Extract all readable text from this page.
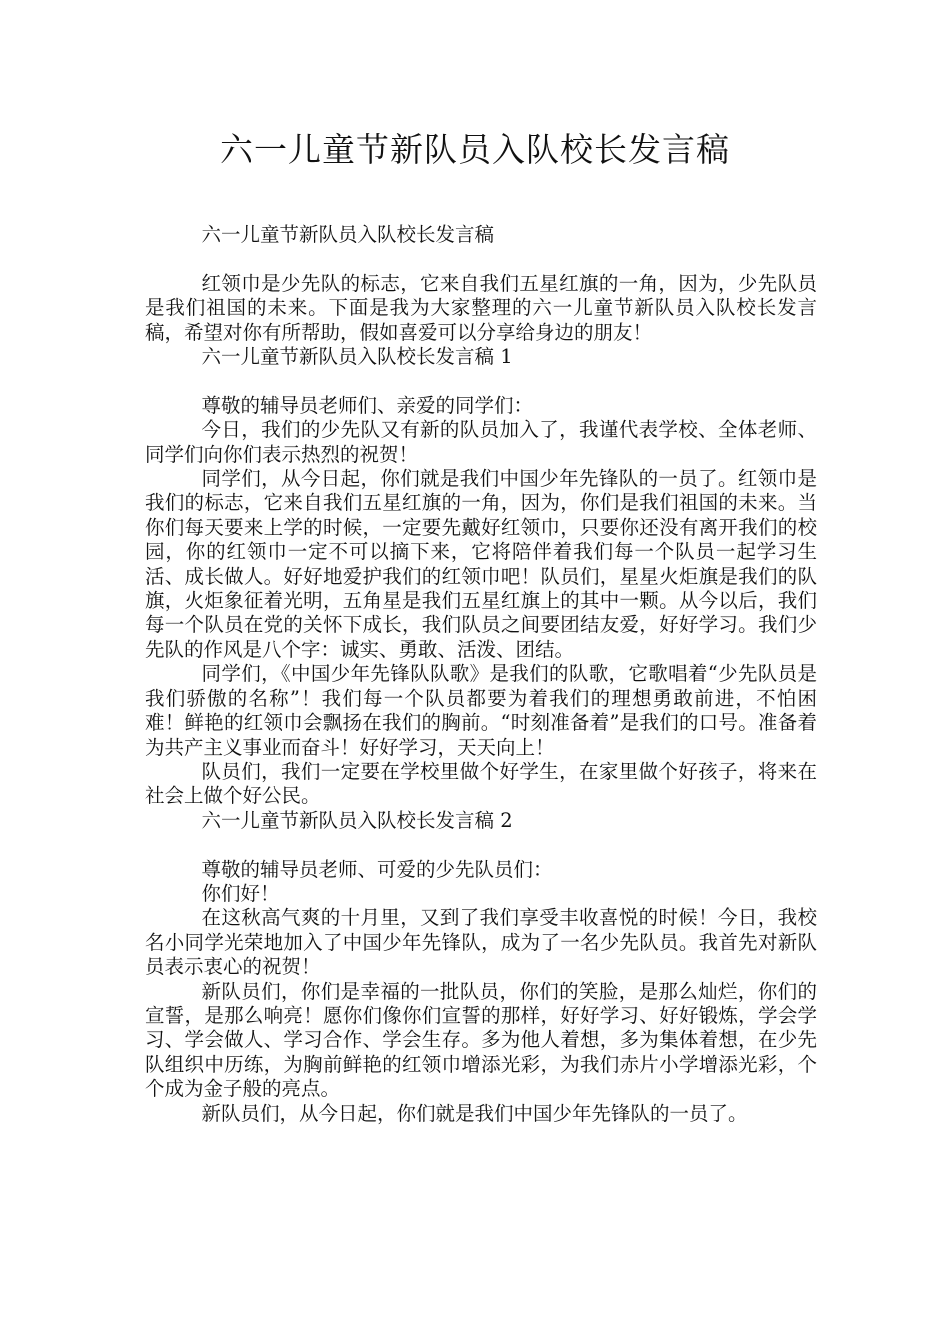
六一儿童节新队员入队校长发言稿

六一儿童节新队员入队校长发言稿

红领巾是少先队的标志，它来自我们五星红旗的一角，因为，少先队员是我们祖国的未来。下面是我为大家整理的六一儿童节新队员入队校长发言稿，希望对你有所帮助，假如喜爱可以分享给身边的朋友！

六一儿童节新队员入队校长发言稿 1

尊敬的辅导员老师们、亲爱的同学们：

今日，我们的少先队又有新的队员加入了，我谨代表学校、全体老师、同学们向你们表示热烈的祝贺！

同学们，从今日起，你们就是我们中国少年先锋队的一员了。红领巾是我们的标志，它来自我们五星红旗的一角，因为，你们是我们祖国的未来。当你们每天要来上学的时候，一定要先戴好红领巾，只要你还没有离开我们的校园，你的红领巾一定不可以摘下来，它将陪伴着我们每一个队员一起学习生活、成长做人。好好地爱护我们的红领巾吧！队员们，星星火炬旗是我们的队旗，火炬象征着光明，五角星是我们五星红旗上的其中一颗。从今以后，我们每一个队员在党的关怀下成长，我们队员之间要团结友爱，好好学习。我们少先队的作风是八个字：诚实、勇敢、活泼、团结。

同学们，《中国少年先锋队队歌》是我们的队歌，它歌唱着“少先队员是我们骄傲的名称”！我们每一个队员都要为着我们的理想勇敢前进，不怕困难！鲜艳的红领巾会飘扬在我们的胸前。“时刻准备着”是我们的口号。准备着为共产主义事业而奋斗！好好学习，天天向上！

队员们，我们一定要在学校里做个好学生，在家里做个好孩子，将来在社会上做个好公民。

六一儿童节新队员入队校长发言稿 2

尊敬的辅导员老师、可爱的少先队员们：

你们好！

在这秋高气爽的十月里，又到了我们享受丰收喜悦的时候！今日，我校 名小同学光荣地加入了中国少年先锋队，成为了一名少先队员。我首先对新队员表示衷心的祝贺！

新队员们，你们是幸福的一批队员，你们的笑脸，是那么灿烂，你们的宣誓，是那么响亮！愿你们像你们宣誓的那样，好好学习、好好锻炼，学会学习、学会做人、学习合作、学会生存。多为他人着想，多为集体着想，在少先队组织中历练，为胸前鲜艳的红领巾增添光彩，为我们赤片小学增添光彩，个个成为金子般的亮点。

新队员们，从今日起，你们就是我们中国少年先锋队的一员了。
